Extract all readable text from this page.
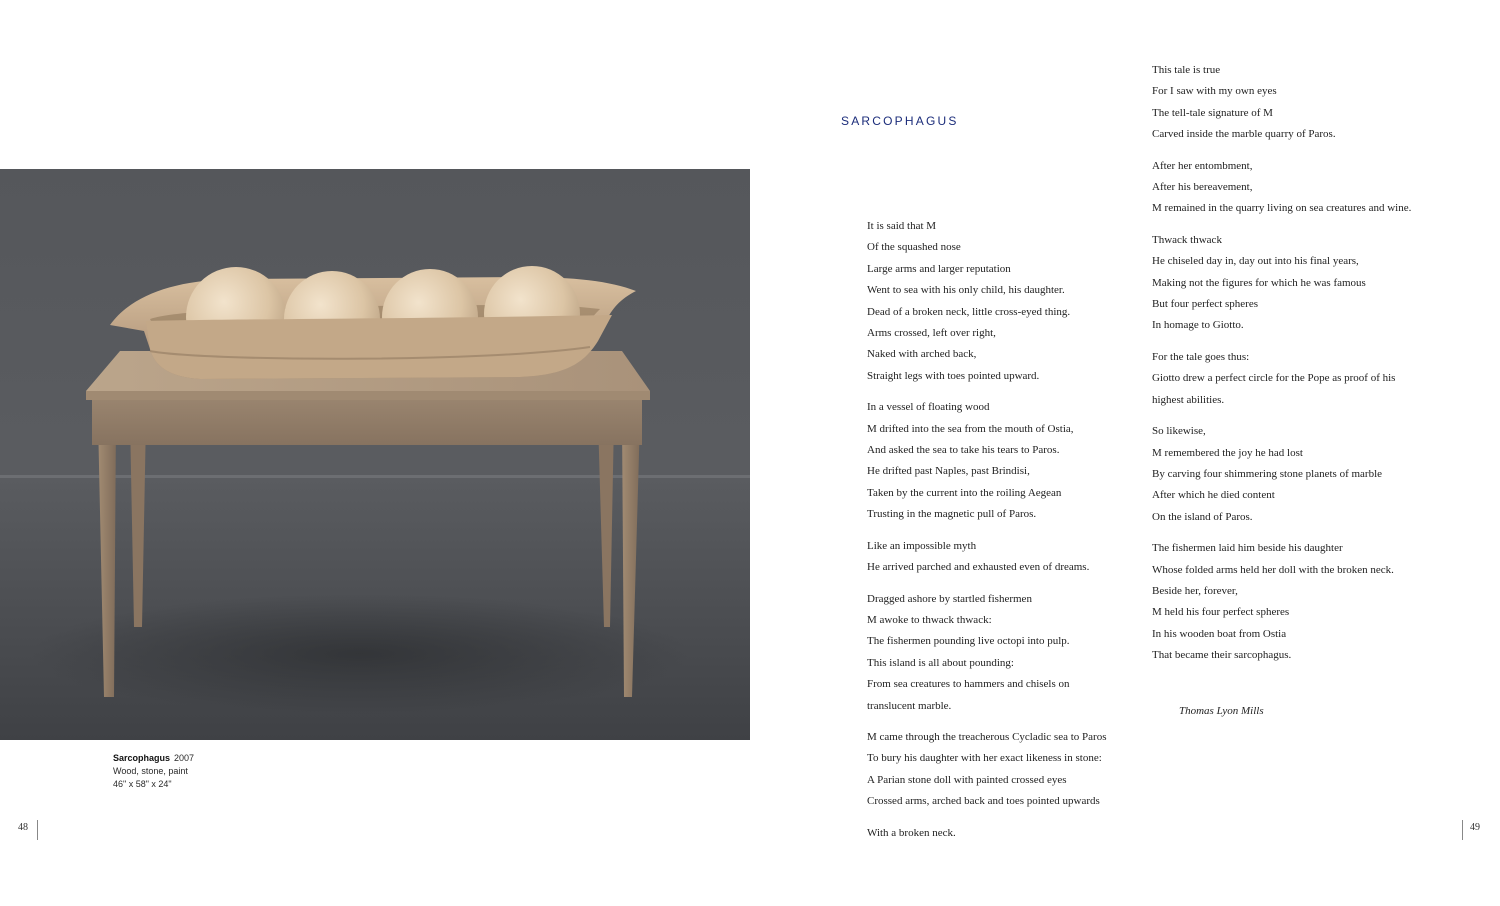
Sarcophagus 2007
Wood, stone, paint
46" x 58" x 24"
48	49
SARCOPHAGUS
It is said that M
Of the squashed nose
Large arms and larger reputation
Went to sea with his only child, his daughter.
Dead of a broken neck, little cross-eyed thing.
Arms crossed, left over right,
Naked with arched back,
Straight legs with toes pointed upward.
In a vessel of floating wood
M drifted into the sea from the mouth of Ostia,
And asked the sea to take his tears to Paros.
He drifted past Naples, past Brindisi,
Taken by the current into the roiling Aegean
Trusting in the magnetic pull of Paros.
Like an impossible myth
He arrived parched and exhausted even of dreams.
Dragged ashore by startled fishermen
M awoke to thwack thwack:
The fishermen pounding live octopi into pulp.
This island is all about pounding:
From sea creatures to hammers and chisels on
translucent marble.
M came through the treacherous Cycladic sea to Paros
To bury his daughter with her exact likeness in stone:
A Parian stone doll with painted crossed eyes
Crossed arms, arched back and toes pointed upwards
With a broken neck.
This tale is true
For I saw with my own eyes
The tell-tale signature of M
Carved inside the marble quarry of Paros.
After her entombment,
After his bereavement,
M remained in the quarry living on sea creatures and wine.
Thwack thwack
He chiseled day in, day out into his final years,
Making not the figures for which he was famous
But four perfect spheres
In homage to Giotto.
For the tale goes thus:
Giotto drew a perfect circle for the Pope as proof of his
highest abilities.
So likewise,
M remembered the joy he had lost
By carving four shimmering stone planets of marble
After which he died content
On the island of Paros.
The fishermen laid him beside his daughter
Whose folded arms held her doll with the broken neck.
Beside her, forever,
M held his four perfect spheres
In his wooden boat from Ostia
That became their sarcophagus.
Thomas Lyon Mills
